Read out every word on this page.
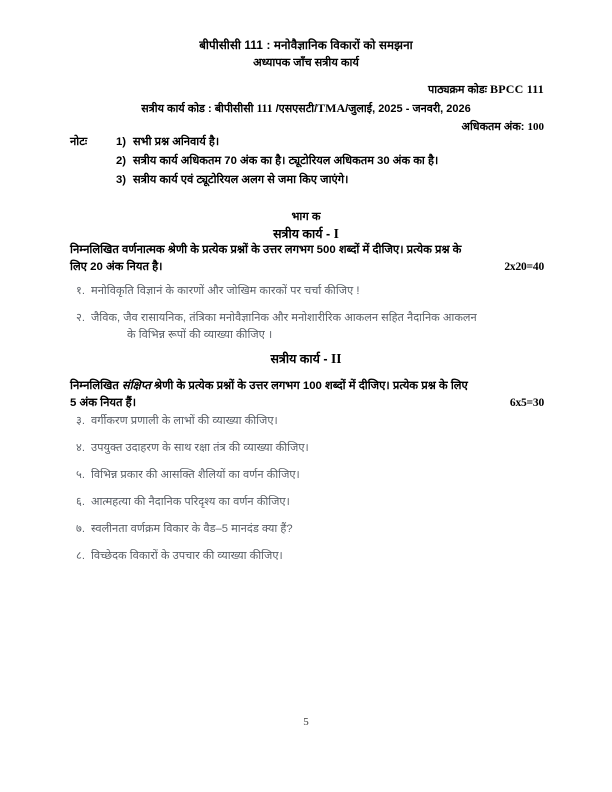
बीपीसीसी 111 : मनोवैज्ञानिक विकारों को समझना
अध्यापक जाँच सत्रीय कार्य
पाठ्यक्रम कोडः BPCC 111
सत्रीय कार्य कोड : बीपीसीसी 111 /एसएसटी/TMA/जुलाई, 2025 - जनवरी, 2026
अधिकतम अंक: 100
नोटः	1) सभी प्रश्न अनिवार्य है।
2) सत्रीय कार्य अधिकतम 70 अंक का है। ट्यूटोरियल अधिकतम 30 अंक का है।
3) सत्रीय कार्य एवं ट्यूटोरियल अलग से जमा किए जाएंगे।
भाग क
सत्रीय कार्य - I
निम्नलिखित वर्णनात्मक श्रेणी के प्रत्येक प्रश्नों के उत्तर लगभग 500 शब्दों में दीजिए। प्रत्येक प्रश्न के
2x20=40
लिए 20 अंक नियत है।
१. मनोविकृति विज्ञानं के कारणों और जोखिम कारकों पर चर्चा कीजिए !
२. जैविक, जैव रासायनिक, तंत्रिका मनोवैज्ञानिक और मनोशारीरिक आकलन सहित नैदानिक आकलन
के विभिन्न रूपों की व्याख्या कीजिए ।
सत्रीय कार्य - II
निम्नलिखित संक्षिप्त श्रेणी के प्रत्येक प्रश्नों के उत्तर लगभग 100 शब्दों में दीजिए। प्रत्येक प्रश्न के लिए
6x5=30
5 अंक नियत हैं।
३. वर्गीकरण प्रणाली के लाभों की व्याख्या कीजिए।
४. उपयुक्त उदाहरण के साथ रक्षा तंत्र की व्याख्या कीजिए।
५. विभिन्न प्रकार की आसक्ति शैलियों का वर्णन कीजिए।
६. आत्महत्या की नैदानिक परिदृश्य का वर्णन कीजिए।
७. स्वलीनता वर्णक्रम विकार के वैड–5 मानदंड क्या हैं?
८. विच्छेदक विकारों के उपचार की व्याख्या कीजिए।
5
